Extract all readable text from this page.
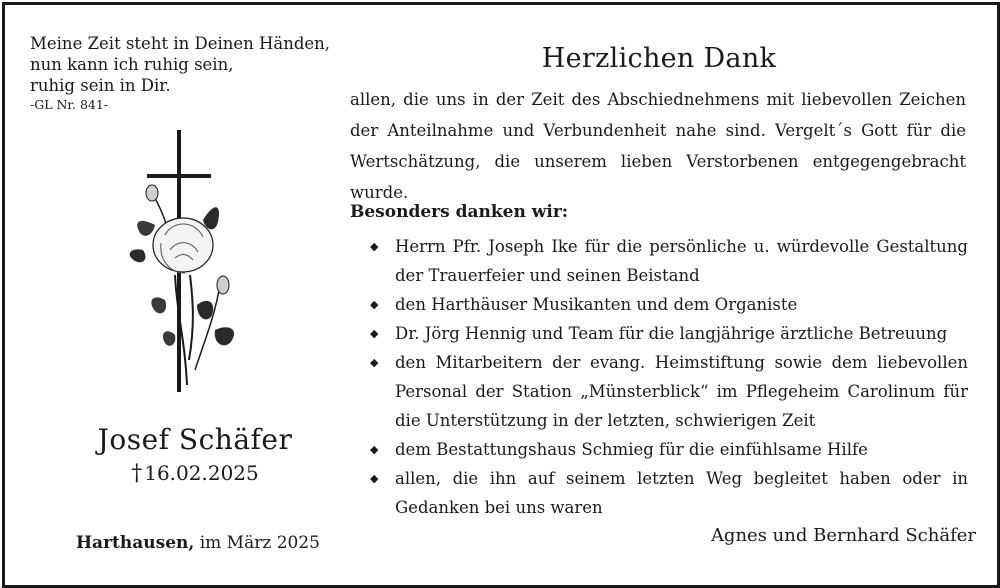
Meine Zeit steht in Deinen Händen,
nun kann ich ruhig sein,
ruhig sein in Dir.
-GL Nr. 841-
Josef Schäfer
† 16.02.2025
Harthausen, im März 2025
Herzlichen Dank
allen, die uns in der Zeit des Abschiednehmens mit liebevollen Zeichen der Anteilnahme und Verbundenheit nahe sind. Vergelt´s Gott für die Wertschätzung, die unserem lieben Verstorbenen entgegengebracht wurde.
Besonders danken wir:
◆ Herrn Pfr. Joseph Ike für die persönliche u. würdevolle Gestaltung der Trauerfeier und seinen Beistand
◆ den Harthäuser Musikanten und dem Organiste
◆ Dr. Jörg Hennig und Team für die langjährige ärztliche Betreuung
◆ den Mitarbeitern der evang. Heimstiftung sowie dem liebevollen Personal der Station „Münsterblick“ im Pflegeheim Carolinum für die Unterstützung in der letzten, schwierigen Zeit
◆ dem Bestattungshaus Schmieg für die einfühlsame Hilfe
◆ allen, die ihn auf seinem letzten Weg begleitet haben oder in Gedanken bei uns waren
Agnes und Bernhard Schäfer
